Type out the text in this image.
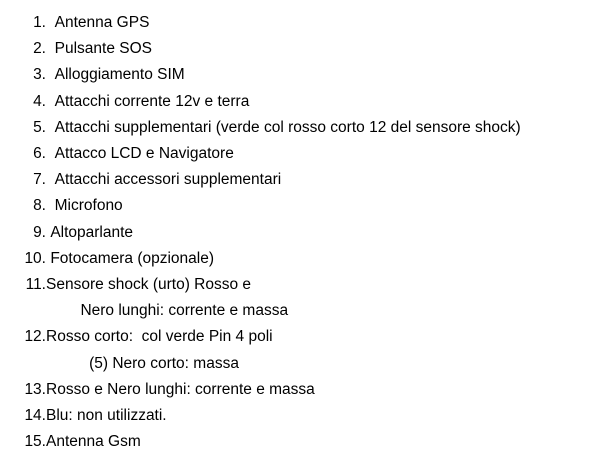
1.
Antenna GPS
2.
Pulsante SOS
3.
Alloggiamento SIM
4.
Attacchi corrente 12v e terra
5.
Attacchi supplementari (verde col rosso corto 12 del sensore shock)
6.
Attacco LCD e Navigatore
7.
Attacchi accessori supplementari
8.
Microfono
9.
Altoparlante
10.
Fotocamera (opzionale)
11. Sensore shock (urto) Rosso e
Nero lunghi: corrente e massa
12. Rosso corto:  col verde Pin 4 poli
(5) Nero corto: massa
13. Rosso e Nero lunghi: corrente e massa
14. Blu: non utilizzati.
15. Antenna Gsm
